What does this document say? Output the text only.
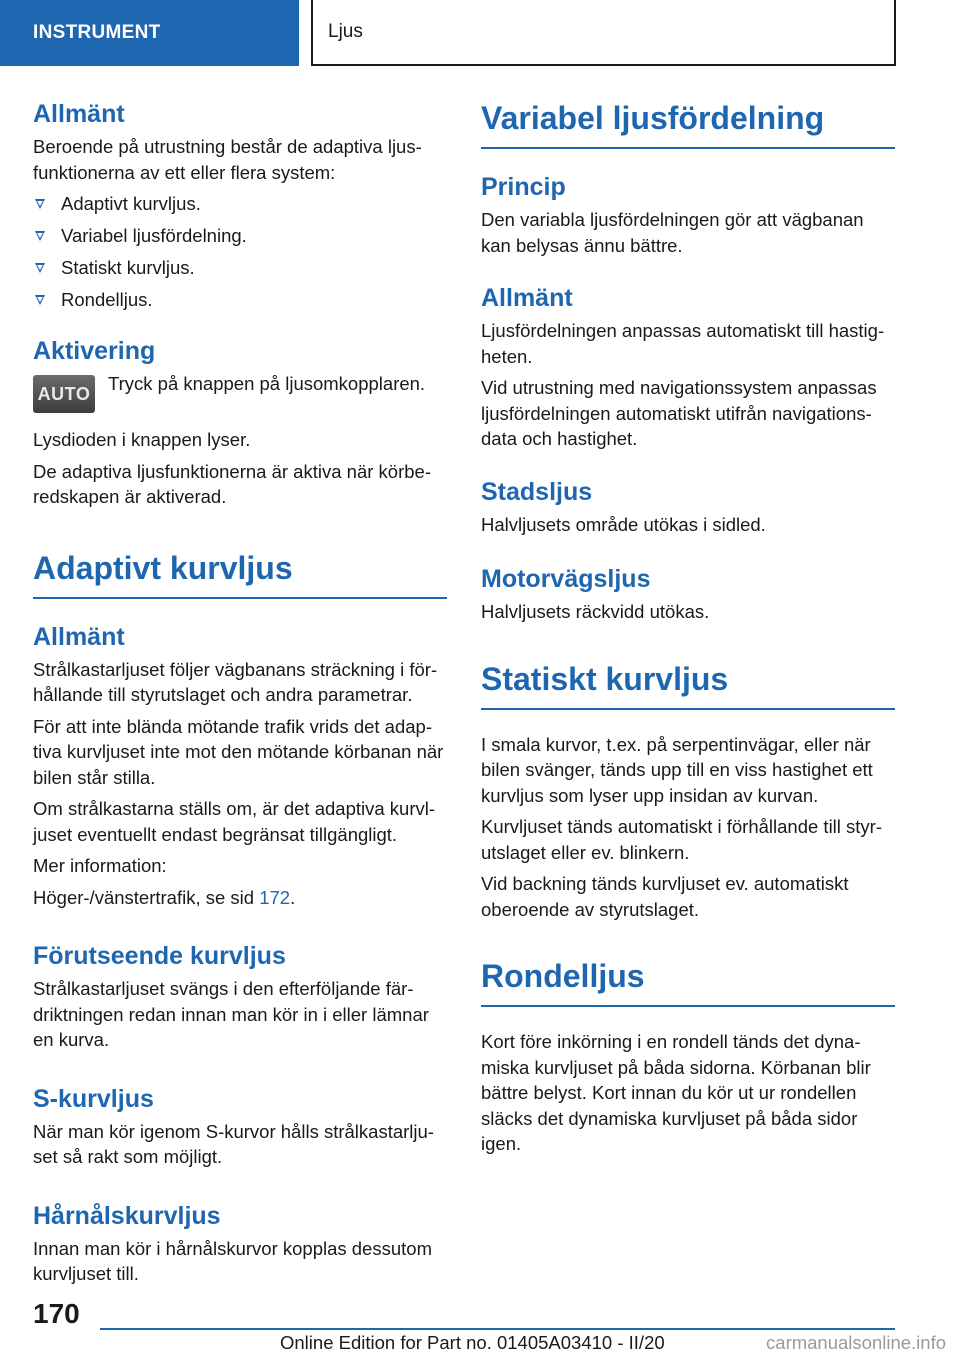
INSTRUMENT	Ljus
Allmänt

Beroende på utrustning består de adaptiva ljusfunktionerna av ett eller flera system:

Adaptivt kurvljus.
Variabel ljusfördelning.
Statiskt kurvljus.
Rondelljus.
Aktivering
AUTO Tryck på knappen på ljusomkopplaren.

Lysdioden i knappen lyser.

De adaptiva ljusfunktionerna är aktiva när körberedskapen är aktiverad.

Adaptivt kurvljus
Allmänt

Strålkastarljuset följer vägbanans sträckning i förhållande till styrutslaget och andra parametrar.

För att inte blända mötande trafik vrids det adaptiva kurvljuset inte mot den mötande körbanan när bilen står stilla.

Om strålkastarna ställs om, är det adaptiva kurvljuset eventuellt endast begränsat tillgängligt.

Mer information:

Höger-/vänstertrafik, se sid 172.

Förutseende kurvljus

Strålkastarljuset svängs i den efterföljande färdriktningen redan innan man kör in i eller lämnar en kurva.

S-kurvljus

När man kör igenom S-kurvor hålls strålkastarljuset så rakt som möjligt.

Hårnålskurvljus

Innan man kör i hårnålskurvor kopplas dessutom kurvljuset till.

Variabel ljusfördelning
Princip

Den variabla ljusfördelningen gör att vägbanan kan belysas ännu bättre.

Allmänt

Ljusfördelningen anpassas automatiskt till hastigheten.

Vid utrustning med navigationssystem anpassas ljusfördelningen automatiskt utifrån navigationsdata och hastighet.

Stadsljus

Halvljusets område utökas i sidled.

Motorvägsljus

Halvljusets räckvidd utökas.

Statiskt kurvljus

I smala kurvor, t.ex. på serpentinvägar, eller när bilen svänger, tänds upp till en viss hastighet ett kurvljus som lyser upp insidan av kurvan.

Kurvljuset tänds automatiskt i förhållande till styrutslaget eller ev. blinkern.

Vid backning tänds kurvljuset ev. automatiskt oberoende av styrutslaget.

Rondelljus

Kort före inkörning i en rondell tänds det dynamiska kurvljuset på båda sidorna. Körbanan blir bättre belyst. Kort innan du kör ut ur rondellen släcks det dynamiska kurvljuset på båda sidor igen.

170
Online Edition for Part no. 01405A03410 - II/20	carmanualsonline.info
